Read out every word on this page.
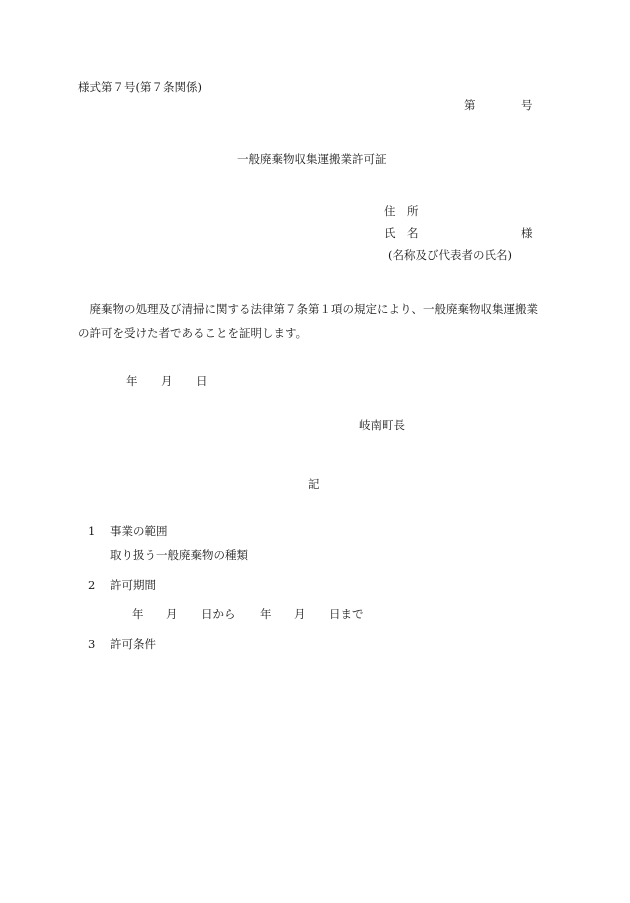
様式第７号(第７条関係)
第	号
一般廃棄物収集運搬業許可証
住　所
氏　名	様
(名称及び代表者の氏名)
　廃棄物の処理及び清掃に関する法律第７条第１項の規定により、一般廃棄物収集運搬業
の許可を受けた者であることを証明します。
年 月 日
岐南町長
記
1 事業の範囲
取り扱う一般廃棄物の種類
2 許可期間
年 月 日から 年 月 日まで
3 許可条件
